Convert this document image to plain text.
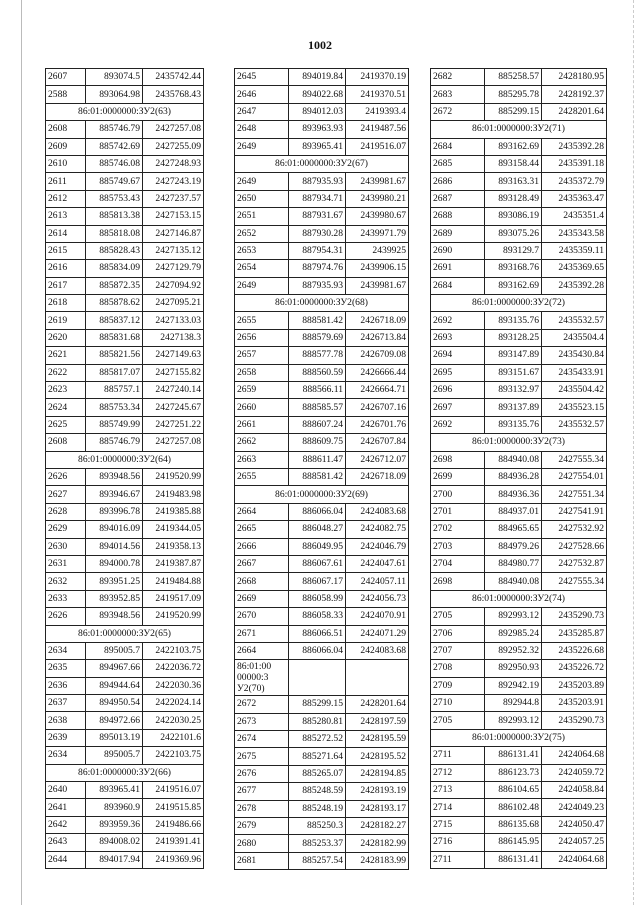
1002
2607	893074.5	2435742.44
2588	893064.98	2435768.43
86:01:0000000:ЗУ2(63)		
2608	885746.79	2427257.08
2609	885742.69	2427255.09
2610	885746.08	2427248.93
2611	885749.67	2427243.19
2612	885753.43	2427237.57
2613	885813.38	2427153.15
2614	885818.08	2427146.87
2615	885828.43	2427135.12
2616	885834.09	2427129.79
2617	885872.35	2427094.92
2618	885878.62	2427095.21
2619	885837.12	2427133.03
2620	885831.68	2427138.3
2621	885821.56	2427149.63
2622	885817.07	2427155.82
2623	885757.1	2427240.14
2624	885753.34	2427245.67
2625	885749.99	2427251.22
2608	885746.79	2427257.08
86:01:0000000:ЗУ2(64)		
2626	893948.56	2419520.99
2627	893946.67	2419483.98
2628	893996.78	2419385.88
2629	894016.09	2419344.05
2630	894014.56	2419358.13
2631	894000.78	2419387.87
2632	893951.25	2419484.88
2633	893952.85	2419517.09
2626	893948.56	2419520.99
86:01:0000000:ЗУ2(65)		
2634	895005.7	2422103.75
2635	894967.66	2422036.72
2636	894944.64	2422030.36
2637	894950.54	2422024.14
2638	894972.66	2422030.25
2639	895013.19	2422101.6
2634	895005.7	2422103.75
86:01:0000000:ЗУ2(66)		
2640	893965.41	2419516.07
2641	893960.9	2419515.85
2642	893959.36	2419486.66
2643	894008.02	2419391.41
2644	894017.94	2419369.96
2645	894019.84	2419370.19
2646	894022.68	2419370.51
2647	894012.03	2419393.4
2648	893963.93	2419487.56
2649	893965.41	2419516.07
86:01:0000000:ЗУ2(67)		
2649	887935.93	2439981.67
2650	887934.71	2439980.21
2651	887931.67	2439980.67
2652	887930.28	2439971.79
2653	887954.31	2439925
2654	887974.76	2439906.15
2649	887935.93	2439981.67
86:01:0000000:ЗУ2(68)		
2655	888581.42	2426718.09
2656	888579.69	2426713.84
2657	888577.78	2426709.08
2658	888560.59	2426666.44
2659	888566.11	2426664.71
2660	888585.57	2426707.16
2661	888607.24	2426701.76
2662	888609.75	2426707.84
2663	888611.47	2426712.07
2655	888581.42	2426718.09
86:01:0000000:ЗУ2(69)		
2664	886066.04	2424083.68
2665	886048.27	2424082.75
2666	886049.95	2424046.79
2667	886067.61	2424047.61
2668	886067.17	2424057.11
2669	886058.99	2424056.73
2670	886058.33	2424070.91
2671	886066.51	2424071.29
2664	886066.04	2424083.68
86:01:00 00000:3 У2(70)		
2672	885299.15	2428201.64
2673	885280.81	2428197.59
2674	885272.52	2428195.59
2675	885271.64	2428195.52
2676	885265.07	2428194.85
2677	885248.59	2428193.19
2678	885248.19	2428193.17
2679	885250.3	2428182.27
2680	885253.37	2428182.99
2681	885257.54	2428183.99
2682	885258.57	2428180.95
2683	885295.78	2428192.37
2672	885299.15	2428201.64
86:01:0000000:ЗУ2(71)		
2684	893162.69	2435392.28
2685	893158.44	2435391.18
2686	893163.31	2435372.79
2687	893128.49	2435363.47
2688	893086.19	2435351.4
2689	893075.26	2435343.58
2690	893129.7	2435359.11
2691	893168.76	2435369.65
2684	893162.69	2435392.28
86:01:0000000:ЗУ2(72)		
2692	893135.76	2435532.57
2693	893128.25	2435504.4
2694	893147.89	2435430.84
2695	893151.67	2435433.91
2696	893132.97	2435504.42
2697	893137.89	2435523.15
2692	893135.76	2435532.57
86:01:0000000:ЗУ2(73)		
2698	884940.08	2427555.34
2699	884936.28	2427554.01
2700	884936.36	2427551.34
2701	884937.01	2427541.91
2702	884965.65	2427532.92
2703	884979.26	2427528.66
2704	884980.77	2427532.87
2698	884940.08	2427555.34
86:01:0000000:ЗУ2(74)		
2705	892993.12	2435290.73
2706	892985.24	2435285.87
2707	892952.32	2435226.68
2708	892950.93	2435226.72
2709	892942.19	2435203.89
2710	892944.8	2435203.91
2705	892993.12	2435290.73
86:01:0000000:ЗУ2(75)		
2711	886131.41	2424064.68
2712	886123.73	2424059.72
2713	886104.65	2424058.84
2714	886102.48	2424049.23
2715	886135.68	2424050.47
2716	886145.95	2424057.25
2711	886131.41	2424064.68
